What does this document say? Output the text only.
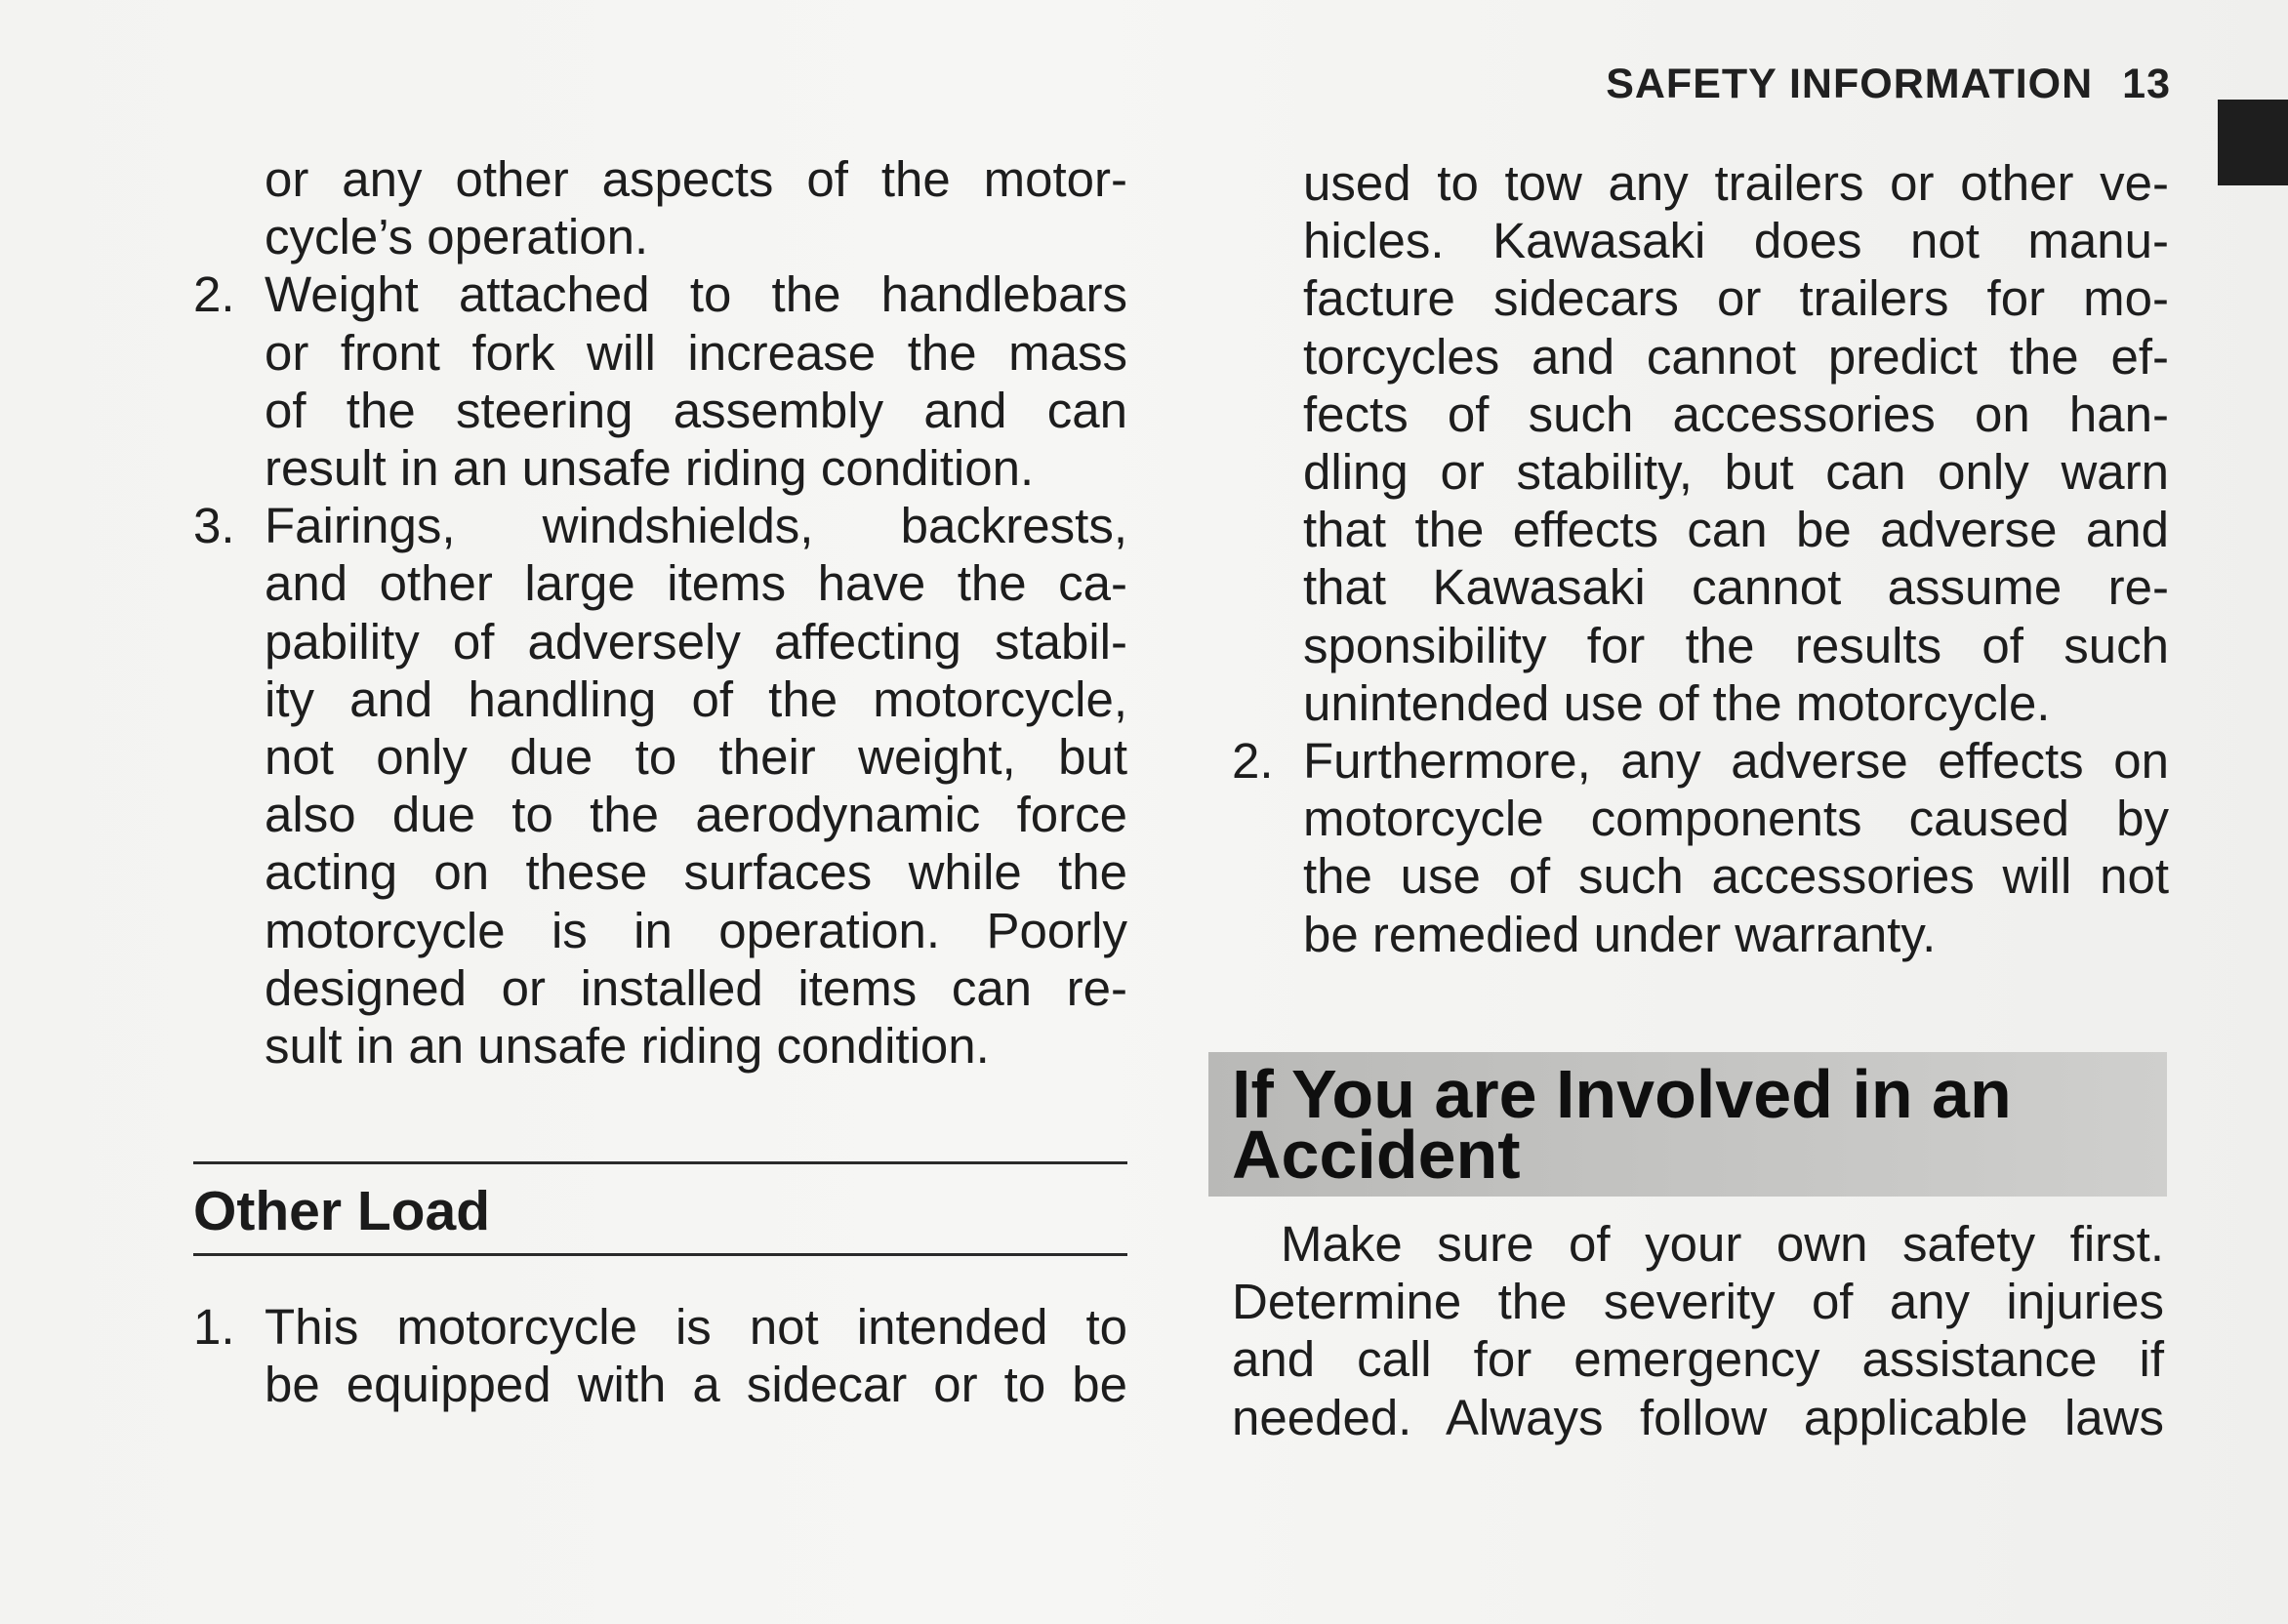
SAFETY INFORMATION 13
or any other aspects of the motor-
cycle’s operation.
2. Weight attached to the handlebars
or front fork will increase the mass
of the steering assembly and can
result in an unsafe riding condition.
3. Fairings, windshields, backrests,
and other large items have the ca-
pability of adversely affecting stabil-
ity and handling of the motorcycle,
not only due to their weight, but
also due to the aerodynamic force
acting on these surfaces while the
motorcycle is in operation. Poorly
designed or installed items can re-
sult in an unsafe riding condition.
Other Load
1. This motorcycle is not intended to
be equipped with a sidecar or to be
used to tow any trailers or other ve-
hicles. Kawasaki does not manu-
facture sidecars or trailers for mo-
torcycles and cannot predict the ef-
fects of such accessories on han-
dling or stability, but can only warn
that the effects can be adverse and
that Kawasaki cannot assume re-
sponsibility for the results of such
unintended use of the motorcycle.
2. Furthermore, any adverse effects on
motorcycle components caused by
the use of such accessories will not
be remedied under warranty.
If You are Involved in an
Accident
Make sure of your own safety first.
Determine the severity of any injuries
and call for emergency assistance if
needed. Always follow applicable laws
